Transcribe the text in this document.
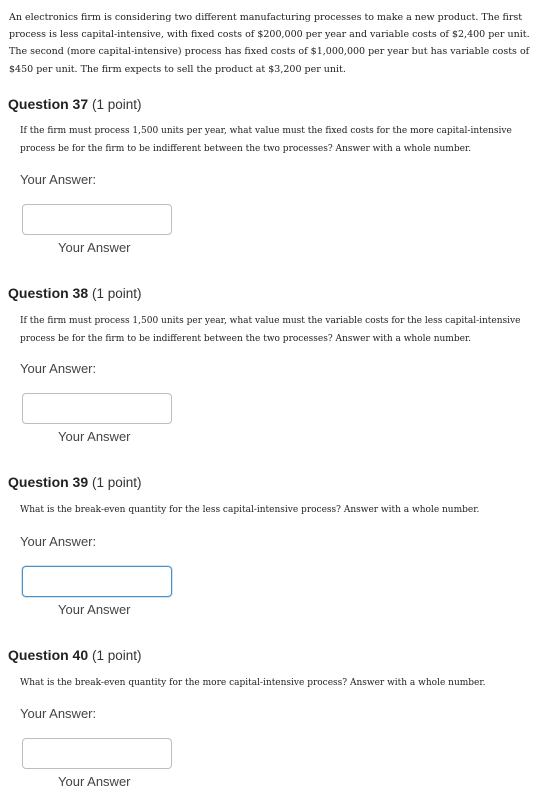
An electronics firm is considering two different manufacturing processes to make a new product. The first process is less capital-intensive, with fixed costs of $200,000 per year and variable costs of $2,400 per unit. The second (more capital-intensive) process has fixed costs of $1,000,000 per year but has variable costs of $450 per unit. The firm expects to sell the product at $3,200 per unit.
Question 37 (1 point)
If the firm must process 1,500 units per year, what value must the fixed costs for the more capital-intensive process be for the firm to be indifferent between the two processes? Answer with a whole number.
Your Answer:
Your Answer
Question 38 (1 point)
If the firm must process 1,500 units per year, what value must the variable costs for the less capital-intensive process be for the firm to be indifferent between the two processes? Answer with a whole number.
Your Answer:
Your Answer
Question 39 (1 point)
What is the break-even quantity for the less capital-intensive process? Answer with a whole number.
Your Answer:
Your Answer
Question 40 (1 point)
What is the break-even quantity for the more capital-intensive process? Answer with a whole number.
Your Answer:
Your Answer
